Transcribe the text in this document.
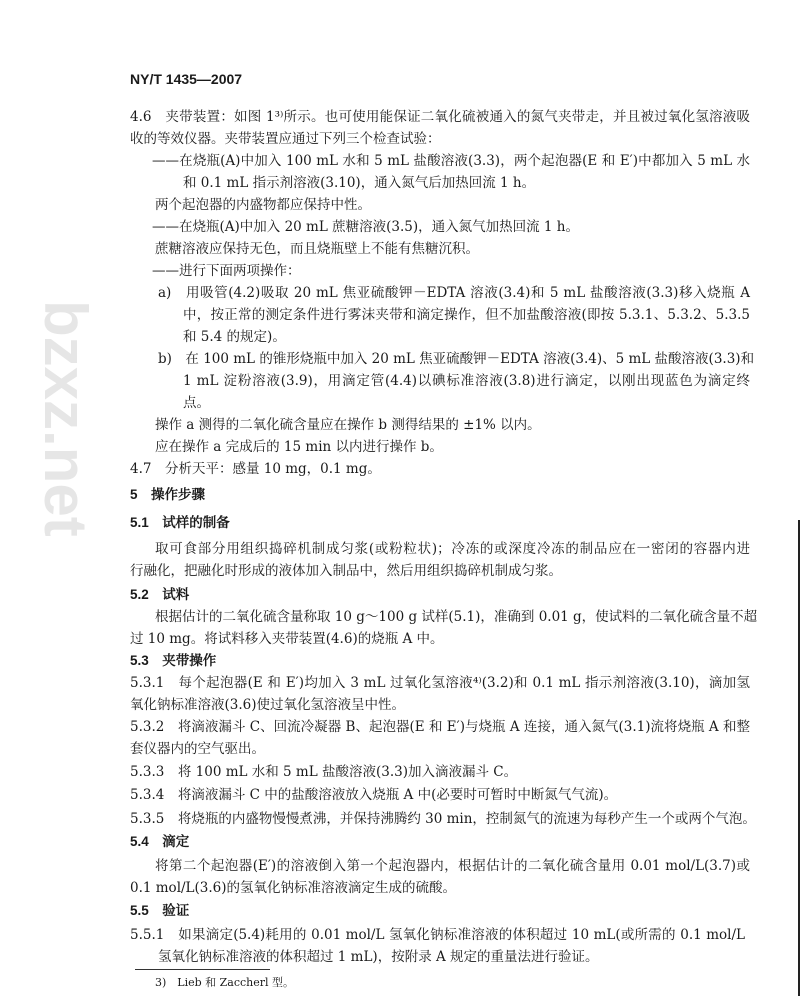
bzxz.net
NY/T 1435—2007
4.6　夹带装置：如图 1³⁾所示。也可使用能保证二氧化硫被通入的氮气夹带走，并且被过氧化氢溶液吸
收的等效仪器。夹带装置应通过下列三个检查试验：
——在烧瓶(A)中加入 100 mL 水和 5 mL 盐酸溶液(3.3)，两个起泡器(E 和 E′)中都加入 5 mL 水
和 0.1 mL 指示剂溶液(3.10)，通入氮气后加热回流 1 h。
两个起泡器的内盛物都应保持中性。
——在烧瓶(A)中加入 20 mL 蔗糖溶液(3.5)，通入氮气加热回流 1 h。
蔗糖溶液应保持无色，而且烧瓶壁上不能有焦糖沉积。
——进行下面两项操作：
a)　用吸管(4.2)吸取 20 mL 焦亚硫酸钾－EDTA 溶液(3.4)和 5 mL 盐酸溶液(3.3)移入烧瓶 A
中，按正常的测定条件进行雾沫夹带和滴定操作，但不加盐酸溶液(即按 5.3.1、5.3.2、5.3.5
和 5.4 的规定)。
b)　在 100 mL 的锥形烧瓶中加入 20 mL 焦亚硫酸钾－EDTA 溶液(3.4)、5 mL 盐酸溶液(3.3)和
1 mL 淀粉溶液(3.9)，用滴定管(4.4)以碘标准溶液(3.8)进行滴定，以刚出现蓝色为滴定终
点。
操作 a 测得的二氧化硫含量应在操作 b 测得结果的 ±1% 以内。
应在操作 a 完成后的 15 min 以内进行操作 b。
4.7　分析天平：感量 10 mg，0.1 mg。
5　操作步骤
5.1　试样的制备
取可食部分用组织捣碎机制成匀浆(或粉粒状)；冷冻的或深度冷冻的制品应在一密闭的容器内进
行融化，把融化时形成的液体加入制品中，然后用组织捣碎机制成匀浆。
5.2　试料
根据估计的二氧化硫含量称取 10 g～100 g 试样(5.1)，准确到 0.01 g，使试料的二氧化硫含量不超
过 10 mg。将试料移入夹带装置(4.6)的烧瓶 A 中。
5.3　夹带操作
5.3.1　每个起泡器(E 和 E′)均加入 3 mL 过氧化氢溶液⁴⁾(3.2)和 0.1 mL 指示剂溶液(3.10)，滴加氢
氧化钠标准溶液(3.6)使过氧化氢溶液呈中性。
5.3.2　将滴液漏斗 C、回流冷凝器 B、起泡器(E 和 E′)与烧瓶 A 连接，通入氮气(3.1)流将烧瓶 A 和整
套仪器内的空气驱出。
5.3.3　将 100 mL 水和 5 mL 盐酸溶液(3.3)加入滴液漏斗 C。
5.3.4　将滴液漏斗 C 中的盐酸溶液放入烧瓶 A 中(必要时可暂时中断氮气气流)。
5.3.5　将烧瓶的内盛物慢慢煮沸，并保持沸腾约 30 min，控制氮气的流速为每秒产生一个或两个气泡。
5.4　滴定
将第二个起泡器(E′)的溶液倒入第一个起泡器内，根据估计的二氧化硫含量用 0.01 mol/L(3.7)或
0.1 mol/L(3.6)的氢氧化钠标准溶液滴定生成的硫酸。
5.5　验证
5.5.1　如果滴定(5.4)耗用的 0.01 mol/L 氢氧化钠标准溶液的体积超过 10 mL(或所需的 0.1 mol/L
氢氧化钠标准溶液的体积超过 1 mL)，按附录 A 规定的重量法进行验证。
3)　Lieb 和 Zaccherl 型。
